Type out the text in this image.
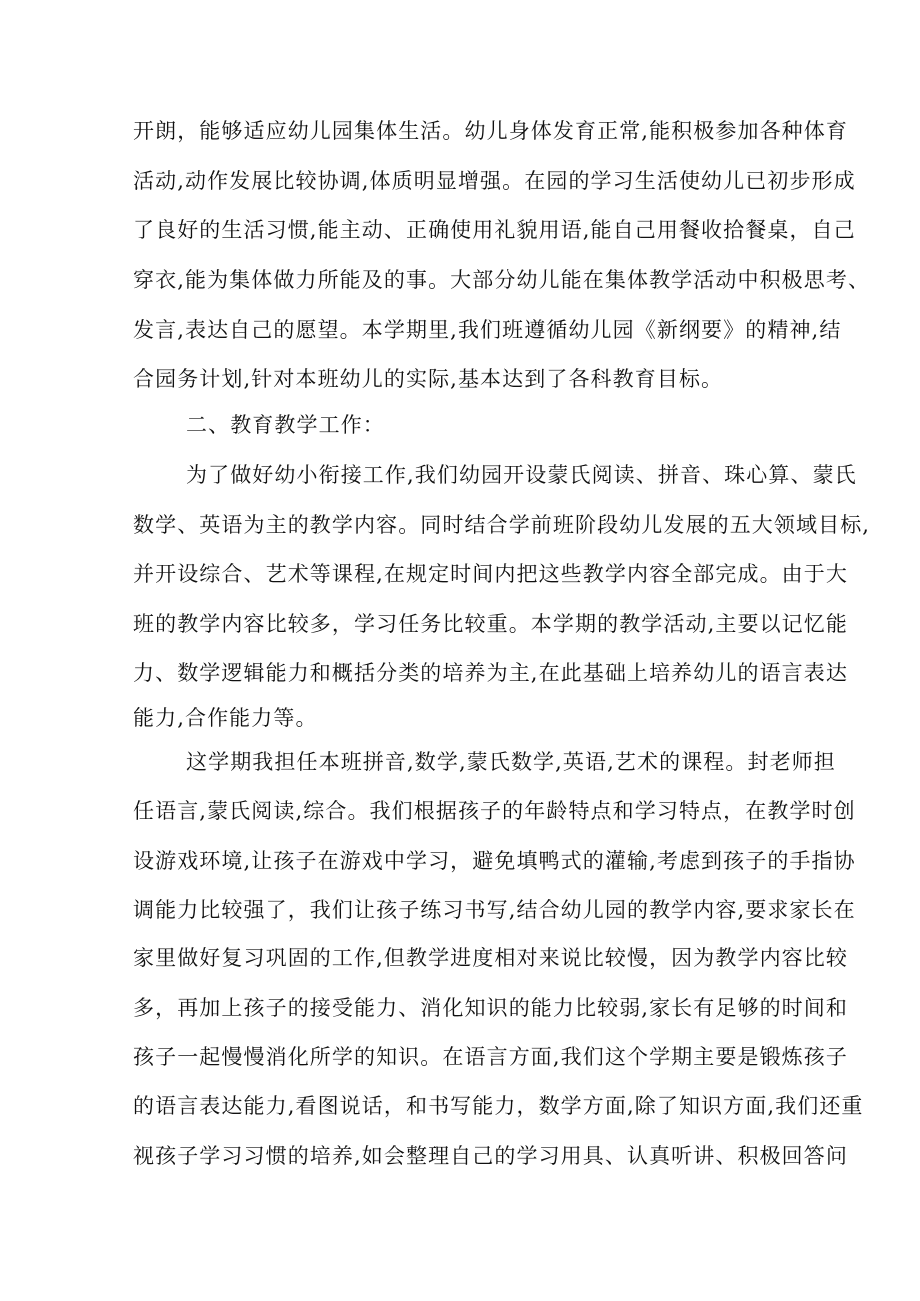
开朗，能够适应幼儿园集体生活。幼儿身体发育正常,能积极参加各种体育

活动,动作发展比较协调,体质明显增强。在园的学习生活使幼儿已初步形成

了良好的生活习惯,能主动、正确使用礼貌用语,能自己用餐收拾餐桌，自己

穿衣,能为集体做力所能及的事。大部分幼儿能在集体教学活动中积极思考、

发言,表达自己的愿望。本学期里,我们班遵循幼儿园《新纲要》的精神,结

合园务计划,针对本班幼儿的实际,基本达到了各科教育目标。

二、教育教学工作：

为了做好幼小衔接工作,我们幼园开设蒙氏阅读、拼音、珠心算、蒙氏

数学、英语为主的教学内容。同时结合学前班阶段幼儿发展的五大领域目标,

并开设综合、艺术等课程,在规定时间内把这些教学内容全部完成。由于大

班的教学内容比较多，学习任务比较重。本学期的教学活动,主要以记忆能

力、数学逻辑能力和概括分类的培养为主,在此基础上培养幼儿的语言表达

能力,合作能力等。

这学期我担任本班拼音,数学,蒙氏数学,英语,艺术的课程。封老师担

任语言,蒙氏阅读,综合。我们根据孩子的年龄特点和学习特点，在教学时创

设游戏环境,让孩子在游戏中学习，避免填鸭式的灌输,考虑到孩子的手指协

调能力比较强了，我们让孩子练习书写,结合幼儿园的教学内容,要求家长在

家里做好复习巩固的工作,但教学进度相对来说比较慢，因为教学内容比较

多，再加上孩子的接受能力、消化知识的能力比较弱,家长有足够的时间和

孩子一起慢慢消化所学的知识。在语言方面,我们这个学期主要是锻炼孩子

的语言表达能力,看图说话，和书写能力，数学方面,除了知识方面,我们还重

视孩子学习习惯的培养,如会整理自己的学习用具、认真听讲、积极回答问
